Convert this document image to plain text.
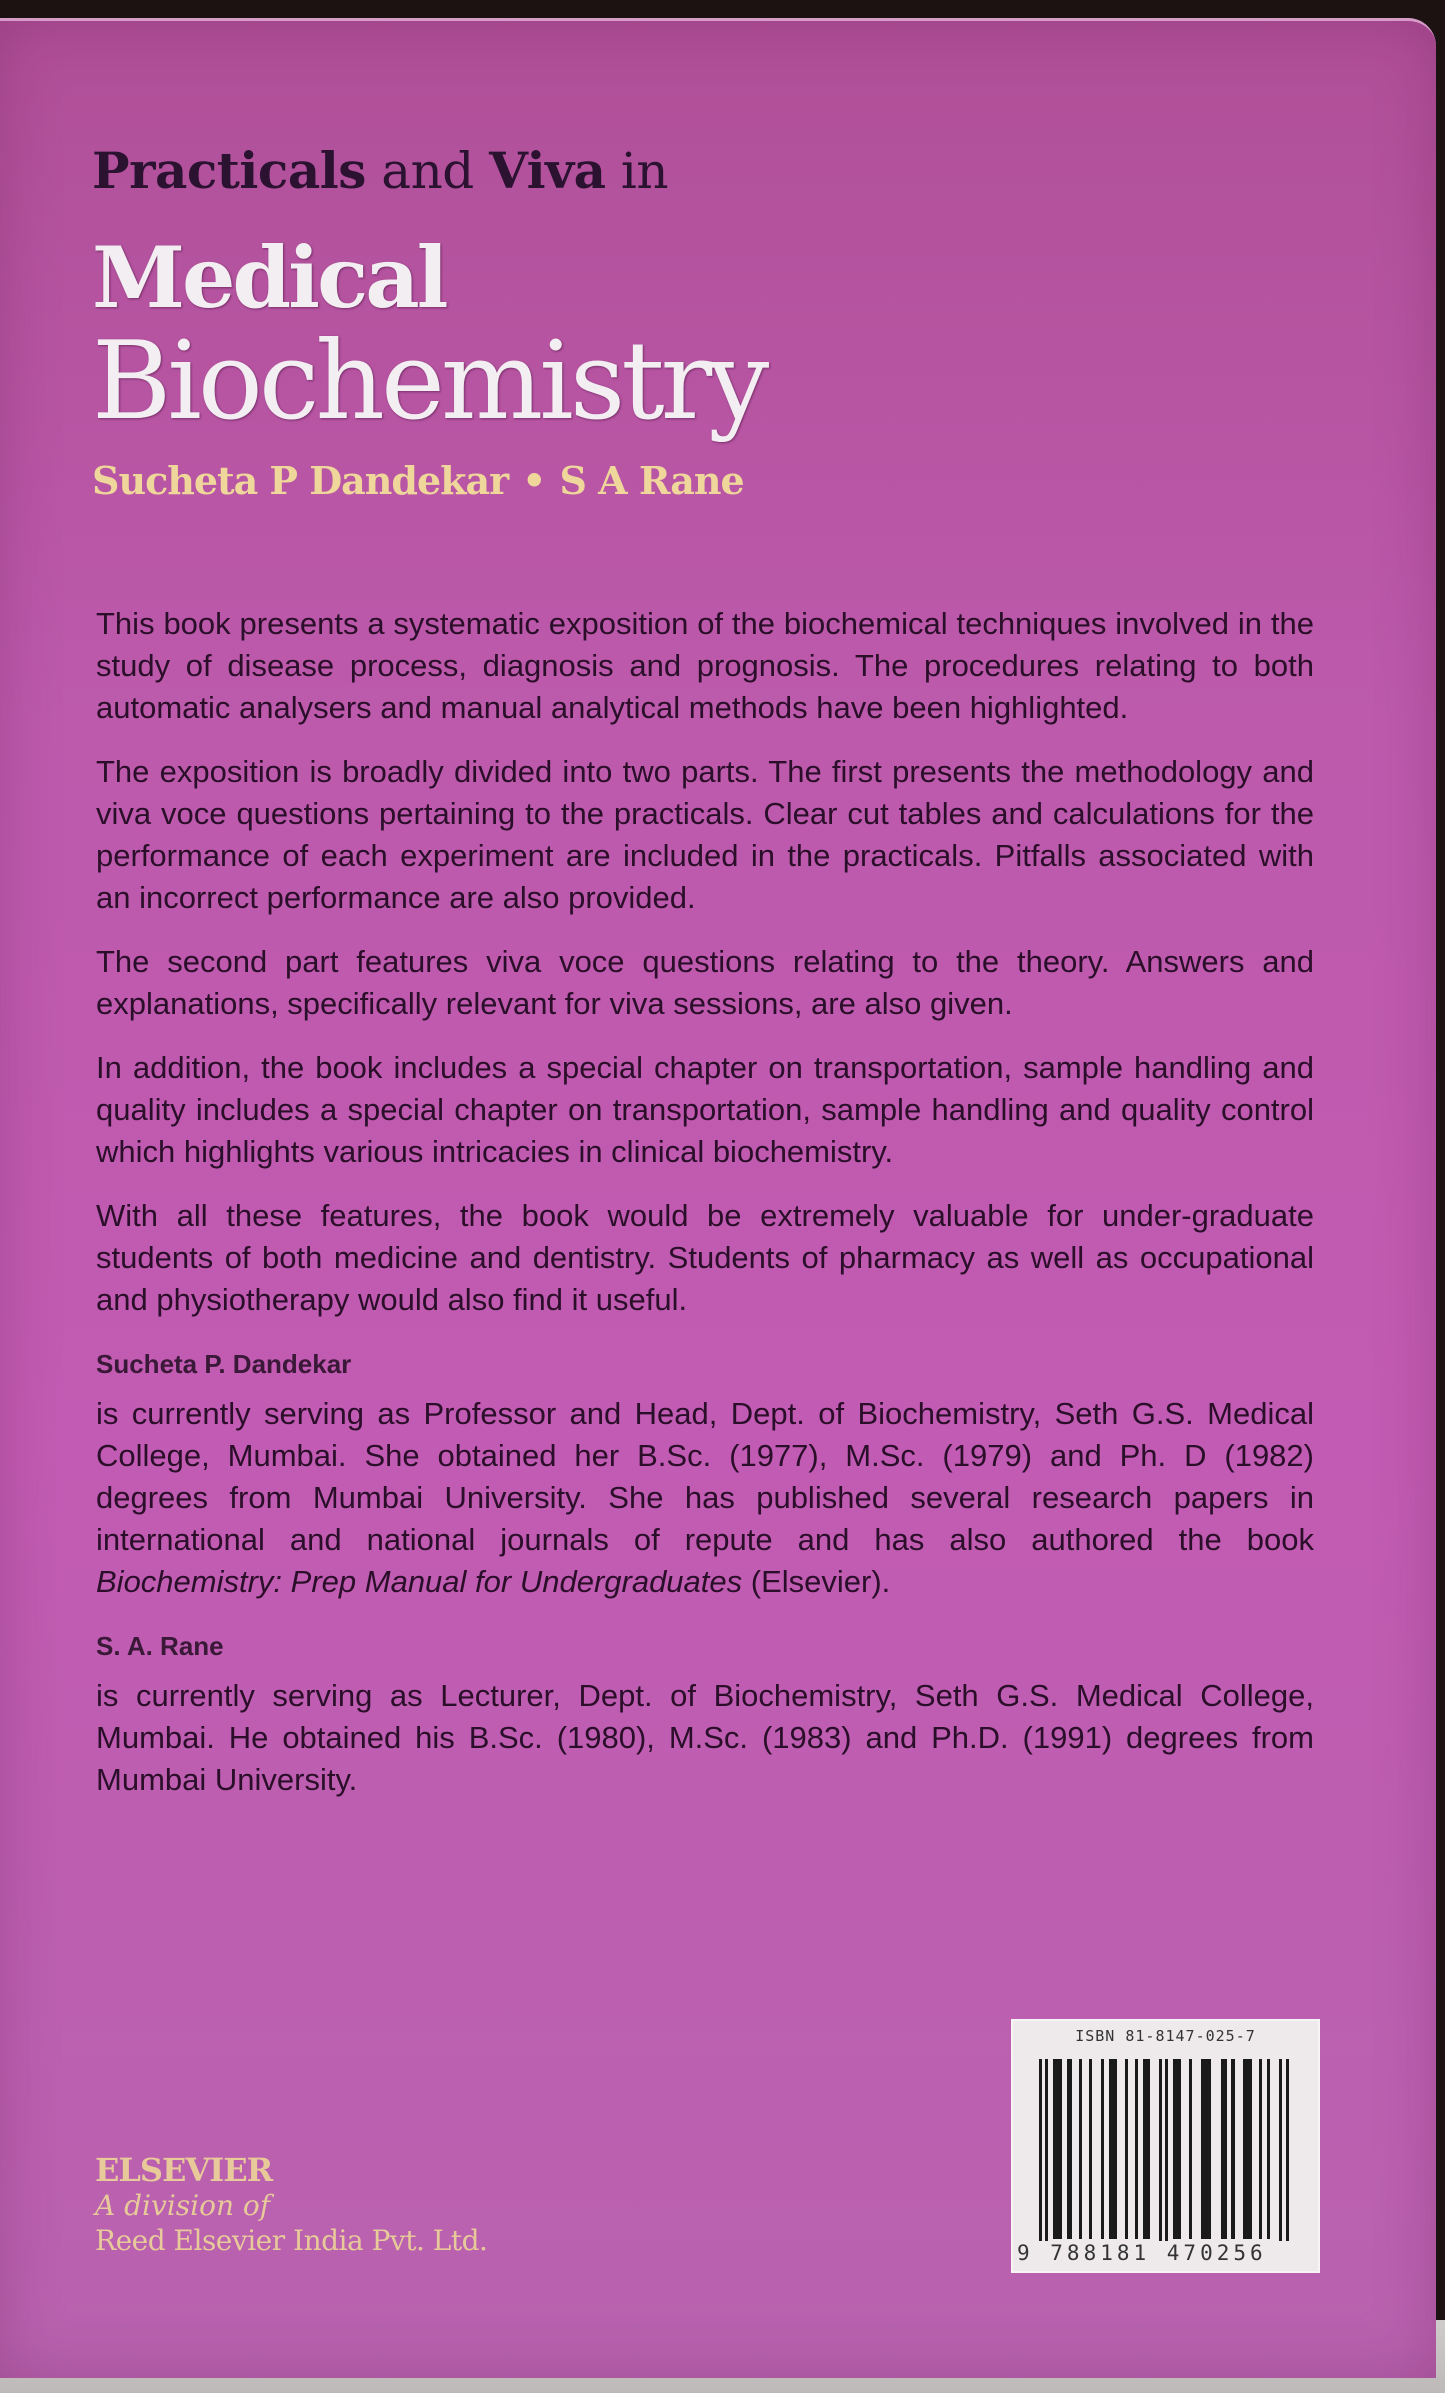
Practicals and Viva in
Medical
Biochemistry
Sucheta P Dandekar • S A Rane

This book presents a systematic exposition of the biochemical techniques involved in the study of disease process, diagnosis and prognosis. The procedures relating to both automatic analysers and manual analytical methods have been highlighted.

The exposition is broadly divided into two parts. The first presents the methodology and viva voce questions pertaining to the practicals. Clear cut tables and calculations for the performance of each experiment are included in the practicals. Pitfalls associated with an incorrect performance are also provided.

The second part features viva voce questions relating to the theory. Answers and explanations, specifically relevant for viva sessions, are also given.

In addition, the book includes a special chapter on transportation, sample handling and quality includes a special chapter on transportation, sample handling and quality control which highlights various intricacies in clinical biochemistry.

With all these features, the book would be extremely valuable for under-graduate students of both medicine and dentistry. Students of pharmacy as well as occupational and physiotherapy would also find it useful.

Sucheta P. Dandekar

is currently serving as Professor and Head, Dept. of Biochemistry, Seth G.S. Medical College, Mumbai. She obtained her B.Sc. (1977), M.Sc. (1979) and Ph. D (1982) degrees from Mumbai University. She has published several research papers in international and national journals of repute and has also authored the book Biochemistry: Prep Manual for Undergraduates (Elsevier).

S. A. Rane

is currently serving as Lecturer, Dept. of Biochemistry, Seth G.S. Medical College, Mumbai. He obtained his B.Sc. (1980), M.Sc. (1983) and Ph.D. (1991) degrees from Mumbai University.

ISBN 81-8147-025-7
9 788181 470256
ELSEVIER
A division of
Reed Elsevier India Pvt. Ltd.
